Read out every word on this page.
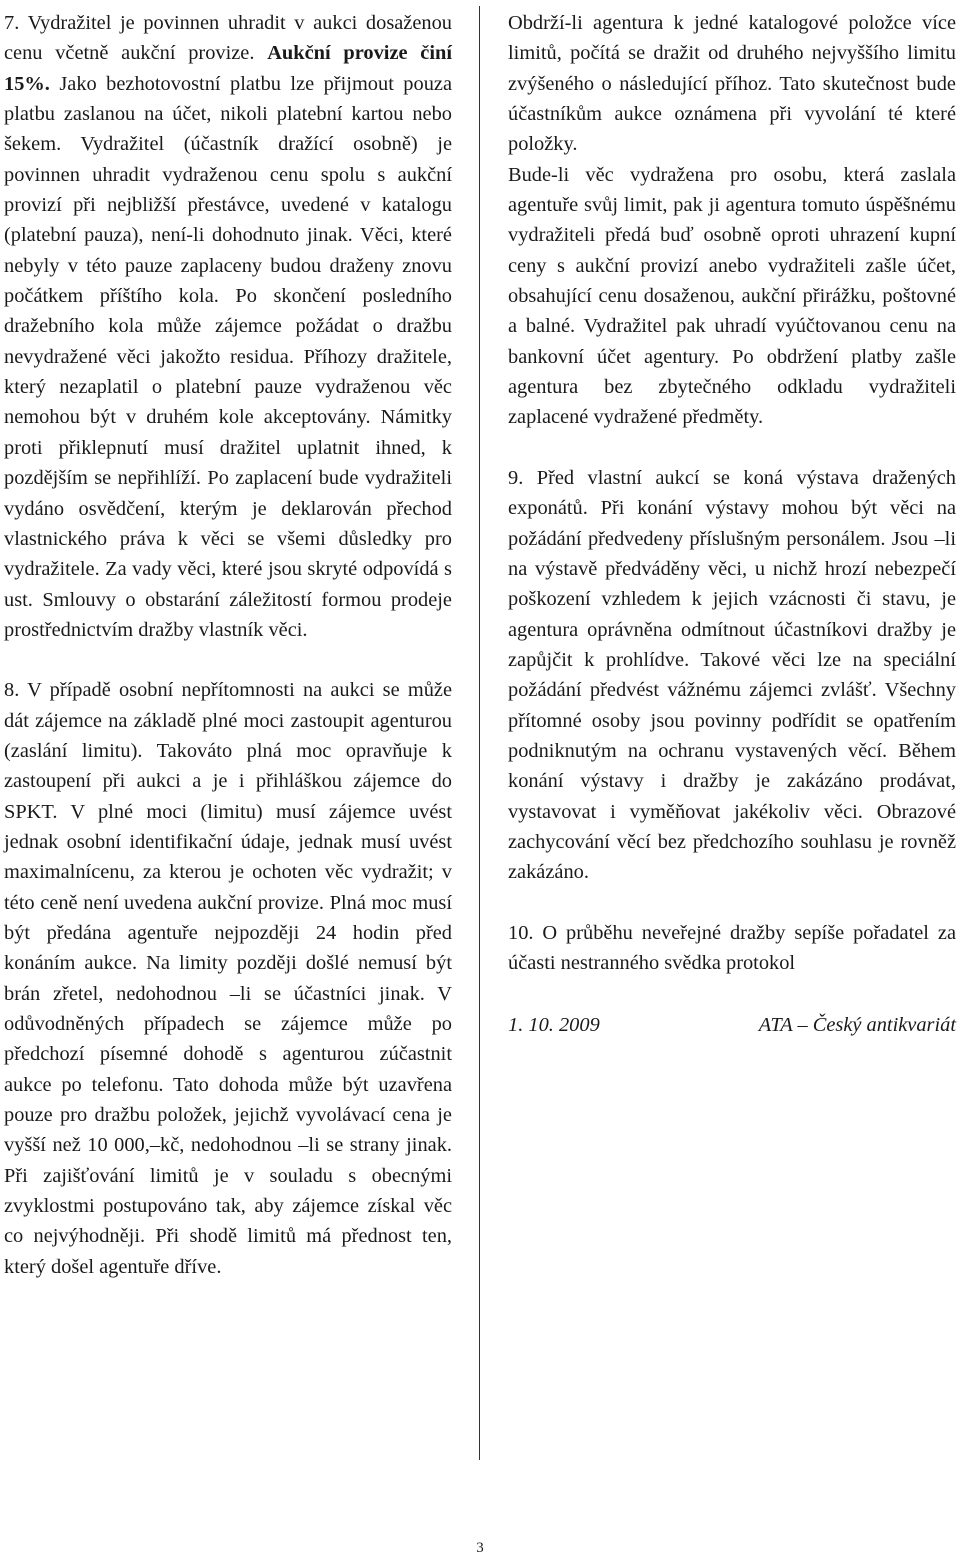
7. Vydražitel je povinnen uhradit v aukci dosaženou cenu včetně aukční provize. Aukční provize činí 15%. Jako bezhotovostní platbu lze přijmout pouza platbu zaslanou na účet, nikoli platební kartou nebo šekem. Vydražitel (účastník dražící osobně) je povinnen uhradit vydraženou cenu spolu s aukční provizí při nejbližší přestávce, uvedené v katalogu (platební pauza), není-li dohodnuto jinak. Věci, které nebyly v této pauze zaplaceny budou draženy znovu počátkem příštího kola. Po skončení posledního dražebního kola může zájemce požádat o dražbu nevydražené věci jakožto residua. Příhozy dražitele, který nezaplatil o platební pauze vydraženou věc nemohou být v druhém kole akceptovány. Námitky proti přiklepnutí musí dražitel uplatnit ihned, k pozdějším se nepřihlíží. Po zaplacení bude vydražiteli vydáno osvědčení, kterým je deklarován přechod vlastnického práva k věci se všemi důsledky pro vydražitele. Za vady věci, které jsou skryté odpovídá s ust. Smlouvy o obstarání záležitostí formou prodeje prostřednictvím dražby vlastník věci.

8. V případě osobní nepřítomnosti na aukci se může dát zájemce na základě plné moci zastoupit agenturou (zaslání limitu). Takováto plná moc opravňuje k zastoupení při aukci a je i přihláškou zájemce do SPKT. V plné moci (limitu) musí zájemce uvést jednak osobní identifikační údaje, jednak musí uvést maximalnícenu, za kterou je ochoten věc vydražit; v této ceně není uvedena aukční provize. Plná moc musí být předána agentuře nejpozději 24 hodin před konáním aukce. Na limity později došlé nemusí být brán zřetel, nedohodnou –li se účastníci jinak. V odůvodněných případech se zájemce může po předchozí písemné dohodě s agenturou zúčastnit aukce po telefonu. Tato dohoda může být uzavřena pouze pro dražbu položek, jejichž vyvolávací cena je vyšší než 10 000,–kč, nedohodnou –li se strany jinak. Při zajišťování limitů je v souladu s obecnými zvyklostmi postupováno tak, aby zájemce získal věc co nejvýhodněji. Při shodě limitů má přednost ten, který došel agentuře dříve.

Obdrží-li agentura k jedné katalogové položce více limitů, počítá se dražit od druhého nejvyššího limitu zvýšeného o následující příhoz. Tato skutečnost bude účastníkům aukce oznámena při vyvolání té které položky.

Bude-li věc vydražena pro osobu, která zaslala agentuře svůj limit, pak ji agentura tomuto úspěšnému vydražiteli předá buď osobně oproti uhrazení kupní ceny s aukční provizí anebo vydražiteli zašle účet, obsahující cenu dosaženou, aukční přirážku, poštovné a balné. Vydražitel pak uhradí vyúčtovanou cenu na bankovní účet agentury. Po obdržení platby zašle agentura bez zbytečného odkladu vydražiteli zaplacené vydražené předměty.

9. Před vlastní aukcí se koná výstava dražených exponátů. Při konání výstavy mohou být věci na požádání předvedeny příslušným personálem. Jsou –li na výstavě předváděny věci, u nichž hrozí nebezpečí poškození vzhledem k jejich vzácnosti či stavu, je agentura oprávněna odmítnout účastníkovi dražby je zapůjčit k prohlídve. Takové věci lze na speciální požádání předvést vážnému zájemci zvlášť. Všechny přítomné osoby jsou povinny podřídit se opatřením podniknutým na ochranu vystavených věcí. Během konání výstavy i dražby je zakázáno prodávat, vystavovat i vyměňovat jakékoliv věci. Obrazové zachycování věcí bez předchozího souhlasu je rovněž zakázáno.

10. O průběhu neveřejné dražby sepíše pořadatel za účasti nestranného svědka protokol

1. 10. 2009	ATA – Český antikvariát
3
